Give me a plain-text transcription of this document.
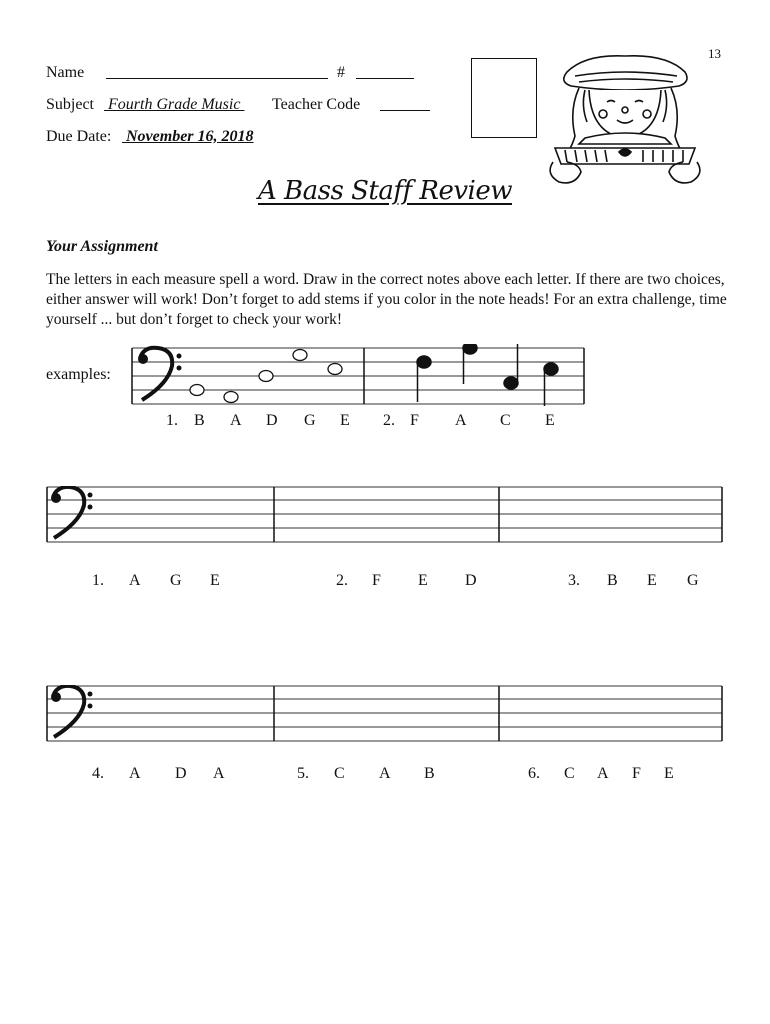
13
Name	#
Subject Fourth Grade Music Teacher Code
Due Date: November 16, 2018
A Bass Staff Review
Your Assignment
The letters in each measure spell a word. Draw in the correct notes above each letter. If there are two choices, either answer will work! Don’t forget to add stems if you color in the note heads! For an extra challenge, time yourself ... but don’t forget to check your work!
examples:
1. B A D G E 2. F A C E
1. A G E	2. F E D	3. B E G
4. A D A	5. C A B	6. C A F E
